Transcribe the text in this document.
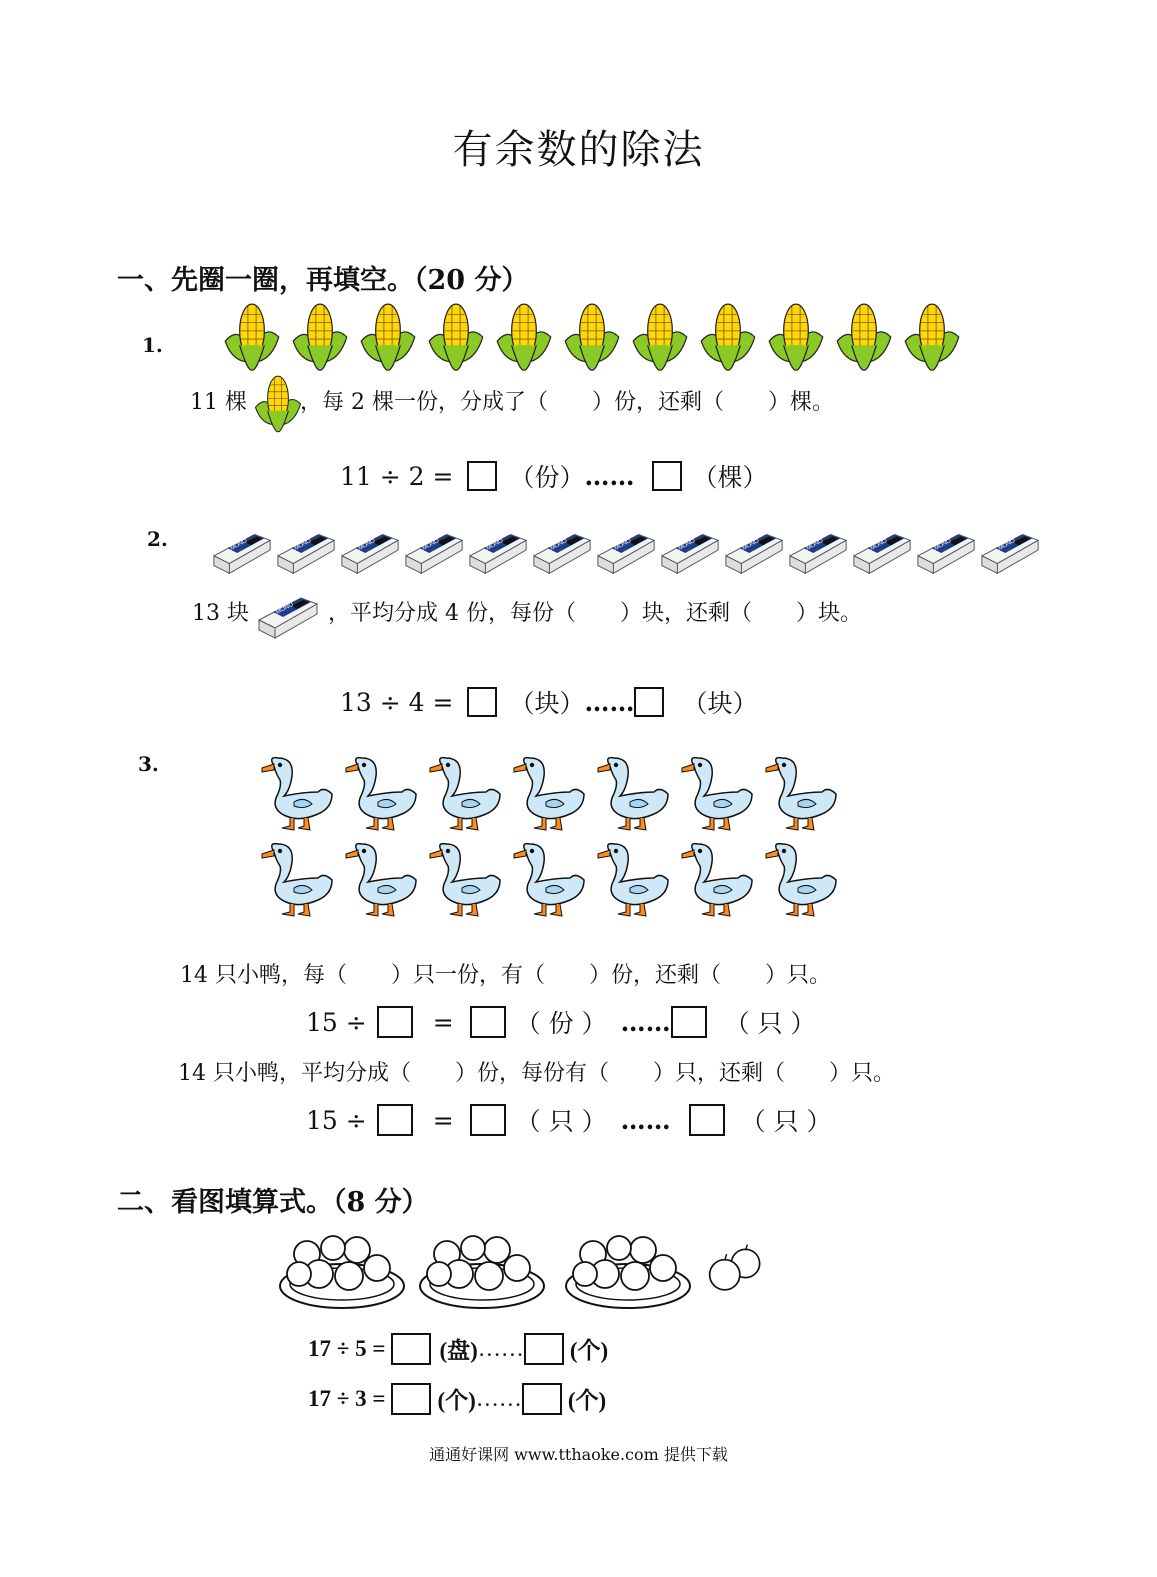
有余数的除法
一、先圈一圈，再填空。（20 分）
1.
11 棵 ，每 2 棵一份，分成了（　　）份，还剩（　　）棵。
11 ÷ 2 = （份） …… （棵）
2.
13 块	，平均分成 4 份，每份（　　）块，还剩（　　）块。
13 ÷ 4 = （块） …… （块）
3.
14 只小鸭，每（　　）只一份，有（　　）份，还剩（　　）只。
15 ÷	= （ 份 ） …… （ 只 ）
14 只小鸭，平均分成（　　）份，每份有（　　）只，还剩（　　）只。
15 ÷	= （ 只 ） ……	（ 只 ）
二、看图填算式。（8 分）
17 ÷ 5 = (盘) …… (个)
17 ÷ 3 = (个) …… (个)
通通好课网 www.tthaoke.com 提供下载
